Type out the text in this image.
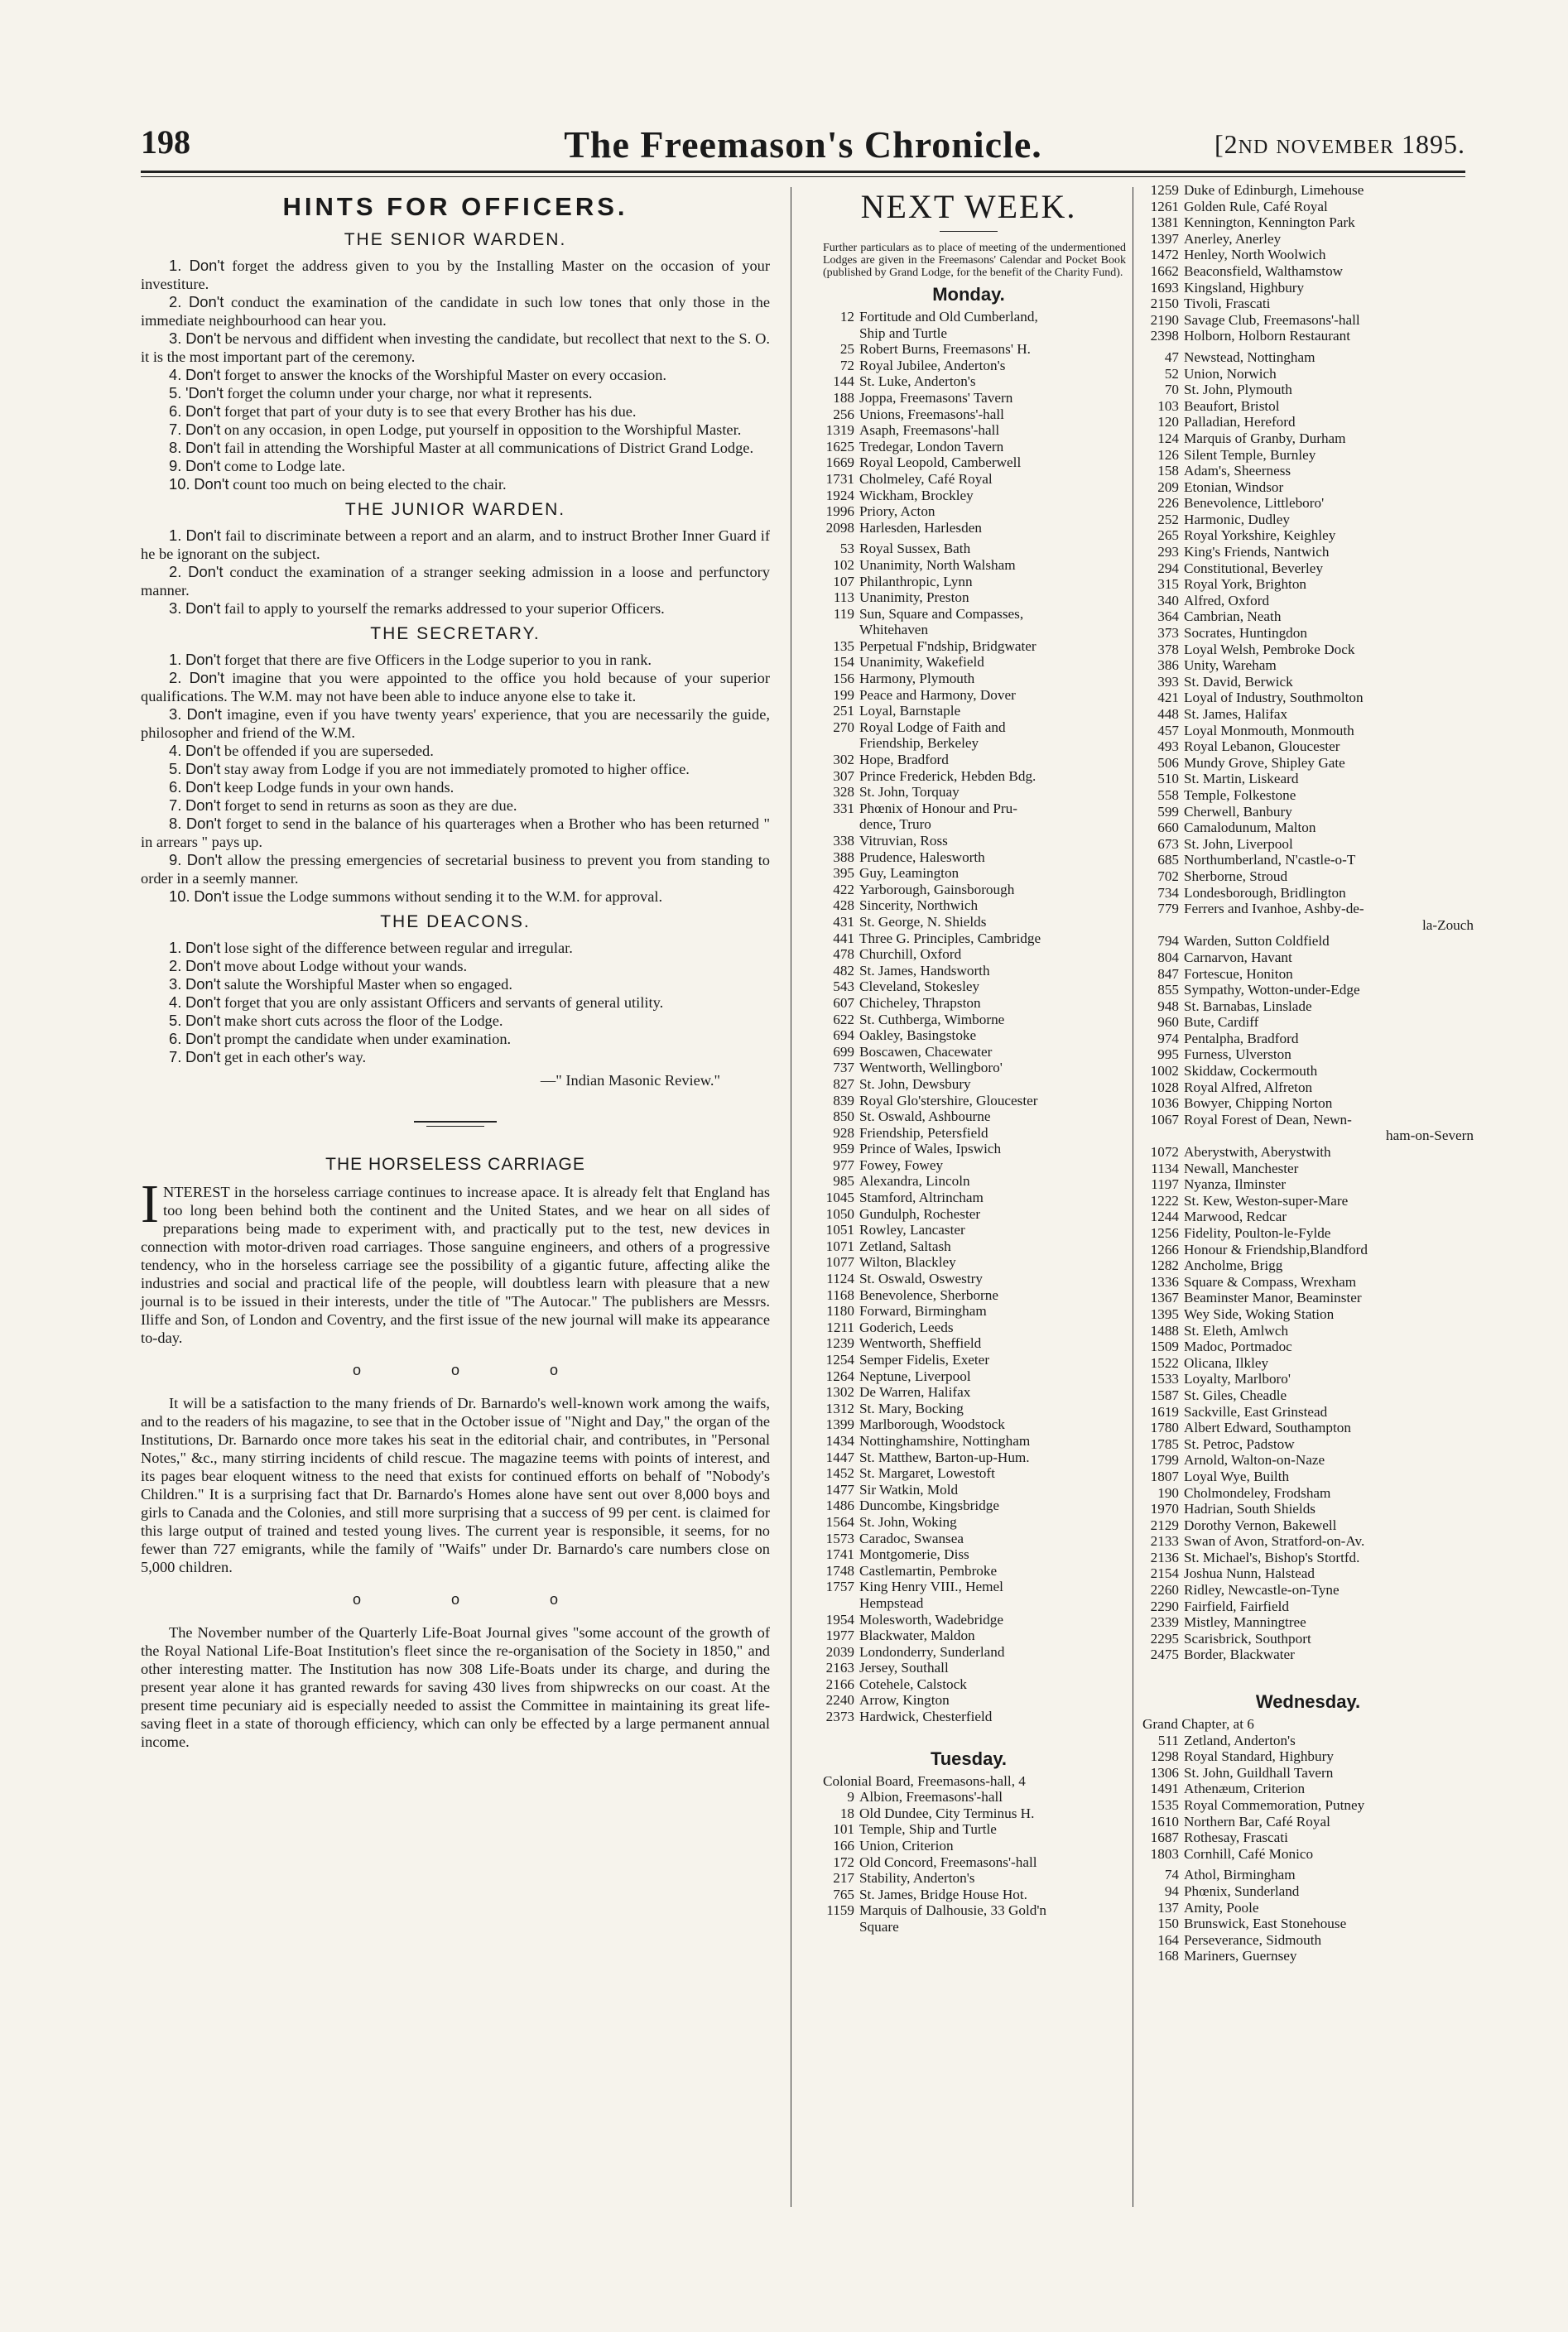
198	The Freemason's Chronicle.	[2ND NOVEMBER 1895.
HINTS FOR OFFICERS.
THE SENIOR WARDEN.

1. Don't forget the address given to you by the Installing Master on the occasion of your investiture.

2. Don't conduct the examination of the candidate in such low tones that only those in the immediate neighbourhood can hear you.

3. Don't be nervous and diffident when investing the candidate, but recollect that next to the S. O. it is the most important part of the ceremony.

4. Don't forget to answer the knocks of the Worshipful Master on every occasion.

5. 'Don't forget the column under your charge, nor what it represents.

6. Don't forget that part of your duty is to see that every Brother has his due.

7. Don't on any occasion, in open Lodge, put yourself in opposition to the Worshipful Master.

8. Don't fail in attending the Worshipful Master at all communications of District Grand Lodge.

9. Don't come to Lodge late.

10. Don't count too much on being elected to the chair.

THE JUNIOR WARDEN.

1. Don't fail to discriminate between a report and an alarm, and to instruct Brother Inner Guard if he be ignorant on the subject.

2. Don't conduct the examination of a stranger seeking admission in a loose and perfunctory manner.

3. Don't fail to apply to yourself the remarks addressed to your superior Officers.

THE SECRETARY.

1. Don't forget that there are five Officers in the Lodge superior to you in rank.

2. Don't imagine that you were appointed to the office you hold because of your superior qualifications. The W.M. may not have been able to induce anyone else to take it.

3. Don't imagine, even if you have twenty years' experience, that you are necessarily the guide, philosopher and friend of the W.M.

4. Don't be offended if you are superseded.

5. Don't stay away from Lodge if you are not immediately promoted to higher office.

6. Don't keep Lodge funds in your own hands.

7. Don't forget to send in returns as soon as they are due.

8. Don't forget to send in the balance of his quarterages when a Brother who has been returned " in arrears " pays up.

9. Don't allow the pressing emergencies of secretarial business to prevent you from standing to order in a seemly manner.

10. Don't issue the Lodge summons without sending it to the W.M. for approval.

THE DEACONS.

1. Don't lose sight of the difference between regular and irregular.

2. Don't move about Lodge without your wands.

3. Don't salute the Worshipful Master when so engaged.

4. Don't forget that you are only assistant Officers and servants of general utility.

5. Don't make short cuts across the floor of the Lodge.

6. Don't prompt the candidate when under examination.

7. Don't get in each other's way.

—" Indian Masonic Review."
THE HORSELESS CARRIAGE

INTEREST in the horseless carriage continues to increase apace. It is already felt that England has too long been behind both the continent and the United States, and we hear on all sides of preparations being made to experiment with, and practically put to the test, new devices in connection with motor-driven road carriages. Those sanguine engineers, and others of a progressive tendency, who in the horseless carriage see the possibility of a gigantic future, affecting alike the industries and social and practical life of the people, will doubtless learn with pleasure that a new journal is to be issued in their interests, under the title of "The Autocar." The publishers are Messrs. Iliffe and Son, of London and Coventry, and the first issue of the new journal will make its appearance to-day.

o o o

It will be a satisfaction to the many friends of Dr. Barnardo's well-known work among the waifs, and to the readers of his magazine, to see that in the October issue of "Night and Day," the organ of the Institutions, Dr. Barnardo once more takes his seat in the editorial chair, and contributes, in "Personal Notes," &c., many stirring incidents of child rescue. The magazine teems with points of interest, and its pages bear eloquent witness to the need that exists for continued efforts on behalf of "Nobody's Children." It is a surprising fact that Dr. Barnardo's Homes alone have sent out over 8,000 boys and girls to Canada and the Colonies, and still more surprising that a success of 99 per cent. is claimed for this large output of trained and tested young lives. The current year is responsible, it seems, for no fewer than 727 emigrants, while the family of "Waifs" under Dr. Barnardo's care numbers close on 5,000 children.

o o o

The November number of the Quarterly Life-Boat Journal gives "some account of the growth of the Royal National Life-Boat Institution's fleet since the re-organisation of the Society in 1850," and other interesting matter. The Institution has now 308 Life-Boats under its charge, and during the present year alone it has granted rewards for saving 430 lives from shipwrecks on our coast. At the present time pecuniary aid is especially needed to assist the Committee in maintaining its great life-saving fleet in a state of thorough efficiency, which can only be effected by a large permanent annual income.

NEXT WEEK.

Further particulars as to place of meeting of the undermentioned Lodges are given in the Freemasons' Calendar and Pocket Book (published by Grand Lodge, for the benefit of the Charity Fund).

Monday.
12 Fortitude and Old Cumberland,
Ship and Turtle
25 Robert Burns, Freemasons' H.
72 Royal Jubilee, Anderton's
144 St. Luke, Anderton's
188 Joppa, Freemasons' Tavern
256 Unions, Freemasons'-hall
1319 Asaph, Freemasons'-hall
1625 Tredegar, London Tavern
1669 Royal Leopold, Camberwell
1731 Cholmeley, Café Royal
1924 Wickham, Brockley
1996 Priory, Acton
2098 Harlesden, Harlesden
53 Royal Sussex, Bath
102 Unanimity, North Walsham
107 Philanthropic, Lynn
113 Unanimity, Preston
119 Sun, Square and Compasses,
Whitehaven
135 Perpetual F'ndship, Bridgwater
154 Unanimity, Wakefield
156 Harmony, Plymouth
199 Peace and Harmony, Dover
251 Loyal, Barnstaple
270 Royal Lodge of Faith and
Friendship, Berkeley
302 Hope, Bradford
307 Prince Frederick, Hebden Bdg.
328 St. John, Torquay
331 Phœnix of Honour and Pru-
dence, Truro
338 Vitruvian, Ross
388 Prudence, Halesworth
395 Guy, Leamington
422 Yarborough, Gainsborough
428 Sincerity, Northwich
431 St. George, N. Shields
441 Three G. Principles, Cambridge
478 Churchill, Oxford
482 St. James, Handsworth
543 Cleveland, Stokesley
607 Chicheley, Thrapston
622 St. Cuthberga, Wimborne
694 Oakley, Basingstoke
699 Boscawen, Chacewater
737 Wentworth, Wellingboro'
827 St. John, Dewsbury
839 Royal Glo'stershire, Gloucester
850 St. Oswald, Ashbourne
928 Friendship, Petersfield
959 Prince of Wales, Ipswich
977 Fowey, Fowey
985 Alexandra, Lincoln
1045 Stamford, Altrincham
1050 Gundulph, Rochester
1051 Rowley, Lancaster
1071 Zetland, Saltash
1077 Wilton, Blackley
1124 St. Oswald, Oswestry
1168 Benevolence, Sherborne
1180 Forward, Birmingham
1211 Goderich, Leeds
1239 Wentworth, Sheffield
1254 Semper Fidelis, Exeter
1264 Neptune, Liverpool
1302 De Warren, Halifax
1312 St. Mary, Bocking
1399 Marlborough, Woodstock
1434 Nottinghamshire, Nottingham
1447 St. Matthew, Barton-up-Hum.
1452 St. Margaret, Lowestoft
1477 Sir Watkin, Mold
1486 Duncombe, Kingsbridge
1564 St. John, Woking
1573 Caradoc, Swansea
1741 Montgomerie, Diss
1748 Castlemartin, Pembroke
1757 King Henry VIII., Hemel
Hempstead
1954 Molesworth, Wadebridge
1977 Blackwater, Maldon
2039 Londonderry, Sunderland
2163 Jersey, Southall
2166 Cotehele, Calstock
2240 Arrow, Kington
2373 Hardwick, Chesterfield
Tuesday.
Colonial Board, Freemasons-hall, 4
9 Albion, Freemasons'-hall
18 Old Dundee, City Terminus H.
101 Temple, Ship and Turtle
166 Union, Criterion
172 Old Concord, Freemasons'-hall
217 Stability, Anderton's
765 St. James, Bridge House Hot.
1159 Marquis of Dalhousie, 33 Gold'n
Square
1259 Duke of Edinburgh, Limehouse
1261 Golden Rule, Café Royal
1381 Kennington, Kennington Park
1397 Anerley, Anerley
1472 Henley, North Woolwich
1662 Beaconsfield, Walthamstow
1693 Kingsland, Highbury
2150 Tivoli, Frascati
2190 Savage Club, Freemasons'-hall
2398 Holborn, Holborn Restaurant
47 Newstead, Nottingham
52 Union, Norwich
70 St. John, Plymouth
103 Beaufort, Bristol
120 Palladian, Hereford
124 Marquis of Granby, Durham
126 Silent Temple, Burnley
158 Adam's, Sheerness
209 Etonian, Windsor
226 Benevolence, Littleboro'
252 Harmonic, Dudley
265 Royal Yorkshire, Keighley
293 King's Friends, Nantwich
294 Constitutional, Beverley
315 Royal York, Brighton
340 Alfred, Oxford
364 Cambrian, Neath
373 Socrates, Huntingdon
378 Loyal Welsh, Pembroke Dock
386 Unity, Wareham
393 St. David, Berwick
421 Loyal of Industry, Southmolton
448 St. James, Halifax
457 Loyal Monmouth, Monmouth
493 Royal Lebanon, Gloucester
506 Mundy Grove, Shipley Gate
510 St. Martin, Liskeard
558 Temple, Folkestone
599 Cherwell, Banbury
660 Camalodunum, Malton
673 St. John, Liverpool
685 Northumberland, N'castle-o-T
702 Sherborne, Stroud
734 Londesborough, Bridlington
779 Ferrers and Ivanhoe, Ashby-de-
la-Zouch
794 Warden, Sutton Coldfield
804 Carnarvon, Havant
847 Fortescue, Honiton
855 Sympathy, Wotton-under-Edge
948 St. Barnabas, Linslade
960 Bute, Cardiff
974 Pentalpha, Bradford
995 Furness, Ulverston
1002 Skiddaw, Cockermouth
1028 Royal Alfred, Alfreton
1036 Bowyer, Chipping Norton
1067 Royal Forest of Dean, Newn-
ham-on-Severn
1072 Aberystwith, Aberystwith
1134 Newall, Manchester
1197 Nyanza, Ilminster
1222 St. Kew, Weston-super-Mare
1244 Marwood, Redcar
1256 Fidelity, Poulton-le-Fylde
1266 Honour & Friendship,Blandford
1282 Ancholme, Brigg
1336 Square & Compass, Wrexham
1367 Beaminster Manor, Beaminster
1395 Wey Side, Woking Station
1488 St. Eleth, Amlwch
1509 Madoc, Portmadoc
1522 Olicana, Ilkley
1533 Loyalty, Marlboro'
1587 St. Giles, Cheadle
1619 Sackville, East Grinstead
1780 Albert Edward, Southampton
1785 St. Petroc, Padstow
1799 Arnold, Walton-on-Naze
1807 Loyal Wye, Builth
190 Cholmondeley, Frodsham
1970 Hadrian, South Shields
2129 Dorothy Vernon, Bakewell
2133 Swan of Avon, Stratford-on-Av.
2136 St. Michael's, Bishop's Stortfd.
2154 Joshua Nunn, Halstead
2260 Ridley, Newcastle-on-Tyne
2290 Fairfield, Fairfield
2339 Mistley, Manningtree
2295 Scarisbrick, Southport
2475 Border, Blackwater
Wednesday.
Grand Chapter, at 6
511 Zetland, Anderton's
1298 Royal Standard, Highbury
1306 St. John, Guildhall Tavern
1491 Athenæum, Criterion
1535 Royal Commemoration, Putney
1610 Northern Bar, Café Royal
1687 Rothesay, Frascati
1803 Cornhill, Café Monico
74 Athol, Birmingham
94 Phœnix, Sunderland
137 Amity, Poole
150 Brunswick, East Stonehouse
164 Perseverance, Sidmouth
168 Mariners, Guernsey
